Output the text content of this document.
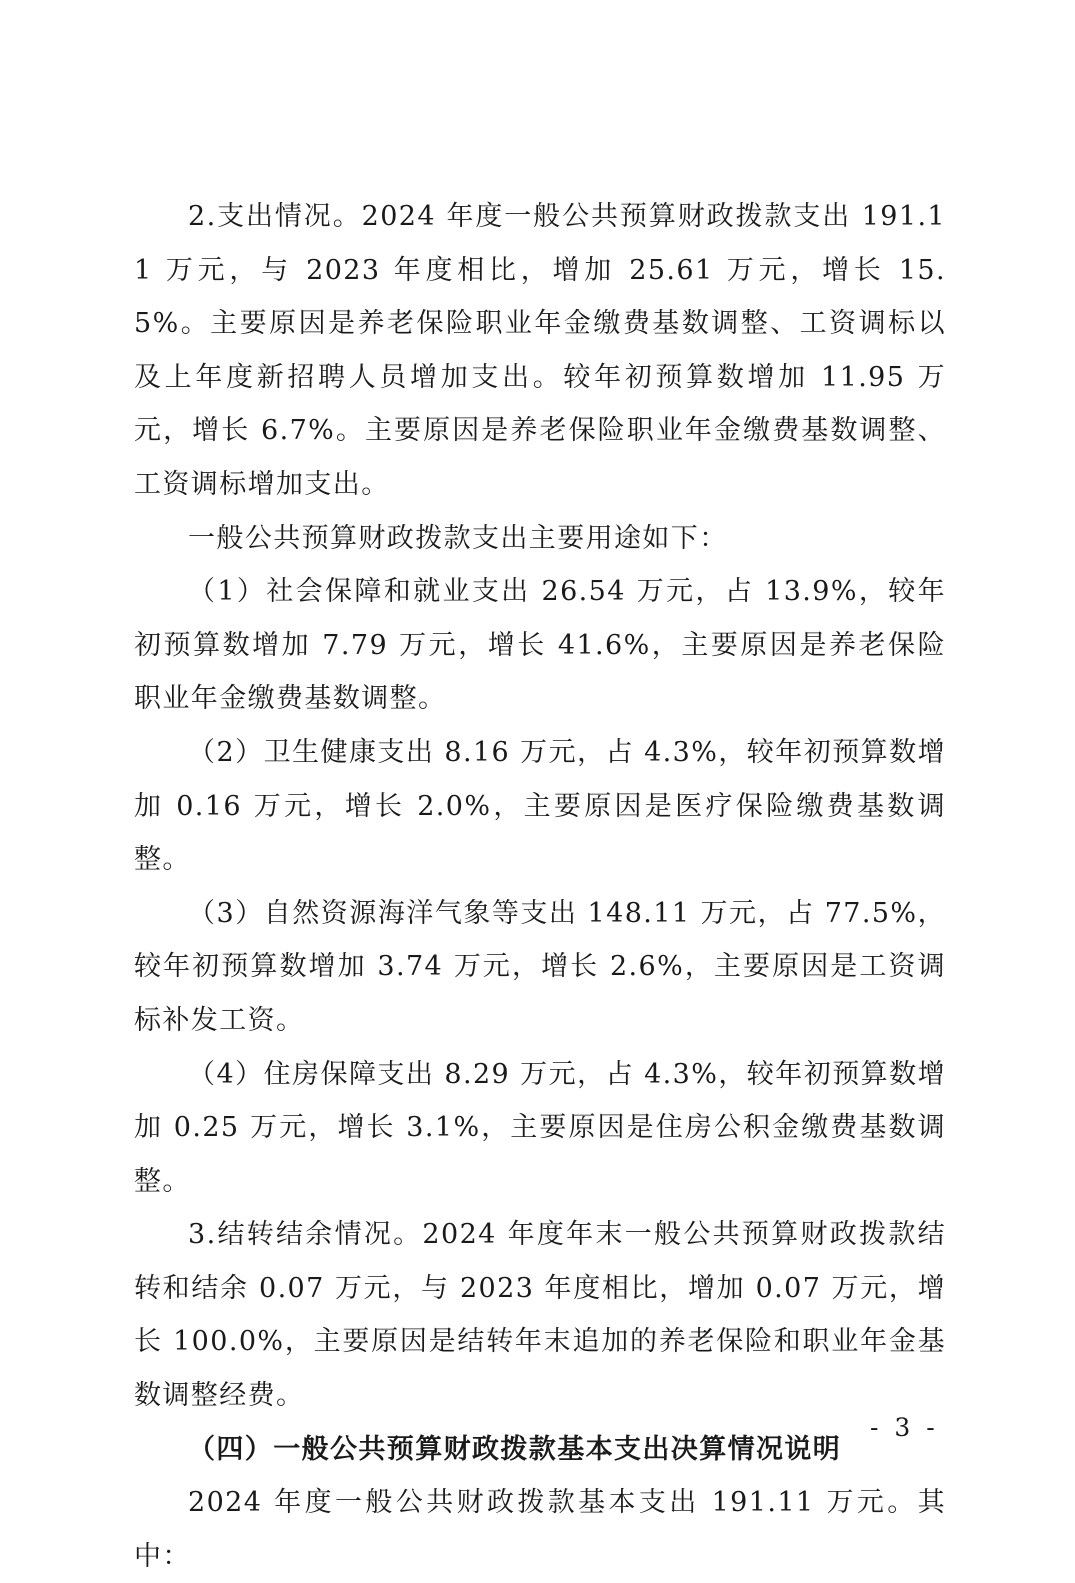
2.支出情况。2024 年度一般公共预算财政拨款支出 191.11 万元，与 2023 年度相比，增加 25.61 万元，增长 15.5%。主要原因是养老保险职业年金缴费基数调整、工资调标以及上年度新招聘人员增加支出。较年初预算数增加 11.95 万元，增长 6.7%。主要原因是养老保险职业年金缴费基数调整、工资调标增加支出。

一般公共预算财政拨款支出主要用途如下：

（1）社会保障和就业支出 26.54 万元，占 13.9%，较年初预算数增加 7.79 万元，增长 41.6%，主要原因是养老保险职业年金缴费基数调整。

（2）卫生健康支出 8.16 万元，占 4.3%，较年初预算数增加 0.16 万元，增长 2.0%，主要原因是医疗保险缴费基数调整。

（3）自然资源海洋气象等支出 148.11 万元，占 77.5%，较年初预算数增加 3.74 万元，增长 2.6%，主要原因是工资调标补发工资。

（4）住房保障支出 8.29 万元，占 4.3%，较年初预算数增加 0.25 万元，增长 3.1%，主要原因是住房公积金缴费基数调整。

3.结转结余情况。2024 年度年末一般公共预算财政拨款结转和结余 0.07 万元，与 2023 年度相比，增加 0.07 万元，增长 100.0%，主要原因是结转年末追加的养老保险和职业年金基数调整经费。

（四）一般公共预算财政拨款基本支出决算情况说明

2024 年度一般公共财政拨款基本支出 191.11 万元。其中：

- 3 -
